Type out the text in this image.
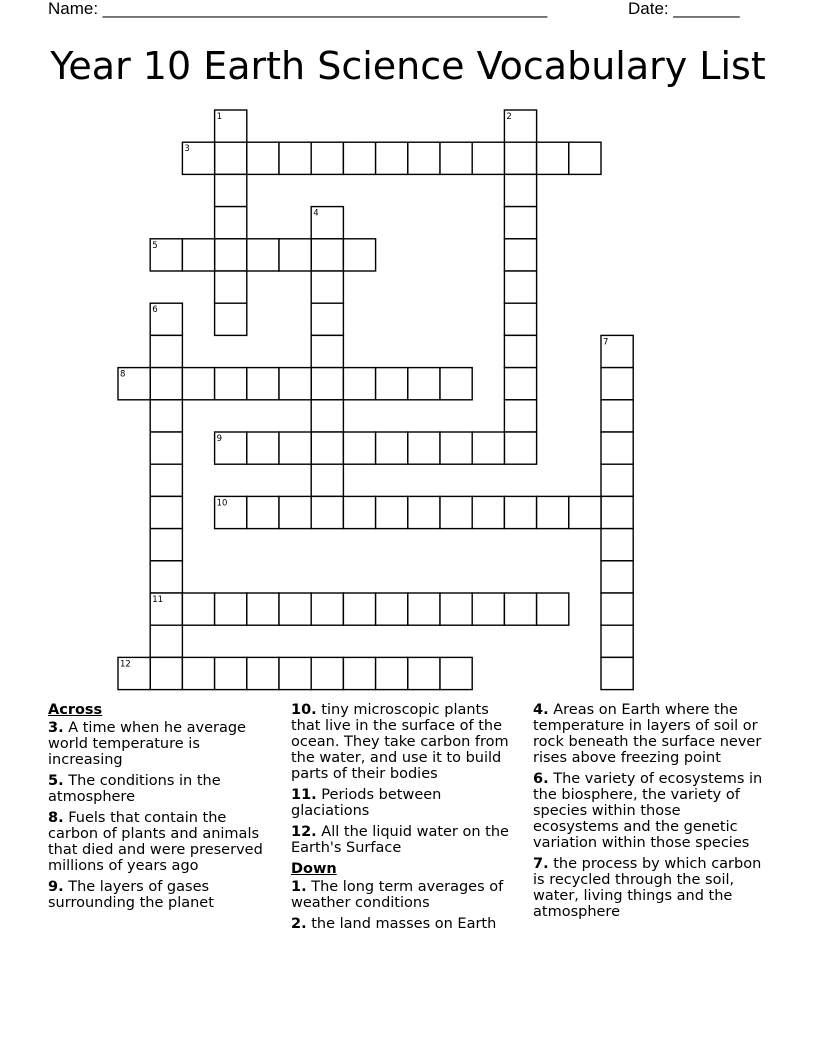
Name: _______________________________________________	Date: _______
Year 10 Earth Science Vocabulary List
1	2
3
4
5
6
7
8
9
10
11
12
Across
3. A time when he average world temperature is increasing
5. The conditions in the atmosphere
8. Fuels that contain the carbon of plants and animals that died and were preserved millions of years ago
9. The layers of gases surrounding the planet
10. tiny microscopic plants that live in the surface of the ocean. They take carbon from the water, and use it to build parts of their bodies
11. Periods between glaciations
12. All the liquid water on the Earth's Surface
Down
1. The long term averages of weather conditions
2. the land masses on Earth
4. Areas on Earth where the temperature in layers of soil or rock beneath the surface never rises above freezing point
6. The variety of ecosystems in the biosphere, the variety of species within those ecosystems and the genetic variation within those species
7. the process by which carbon is recycled through the soil, water, living things and the atmosphere
